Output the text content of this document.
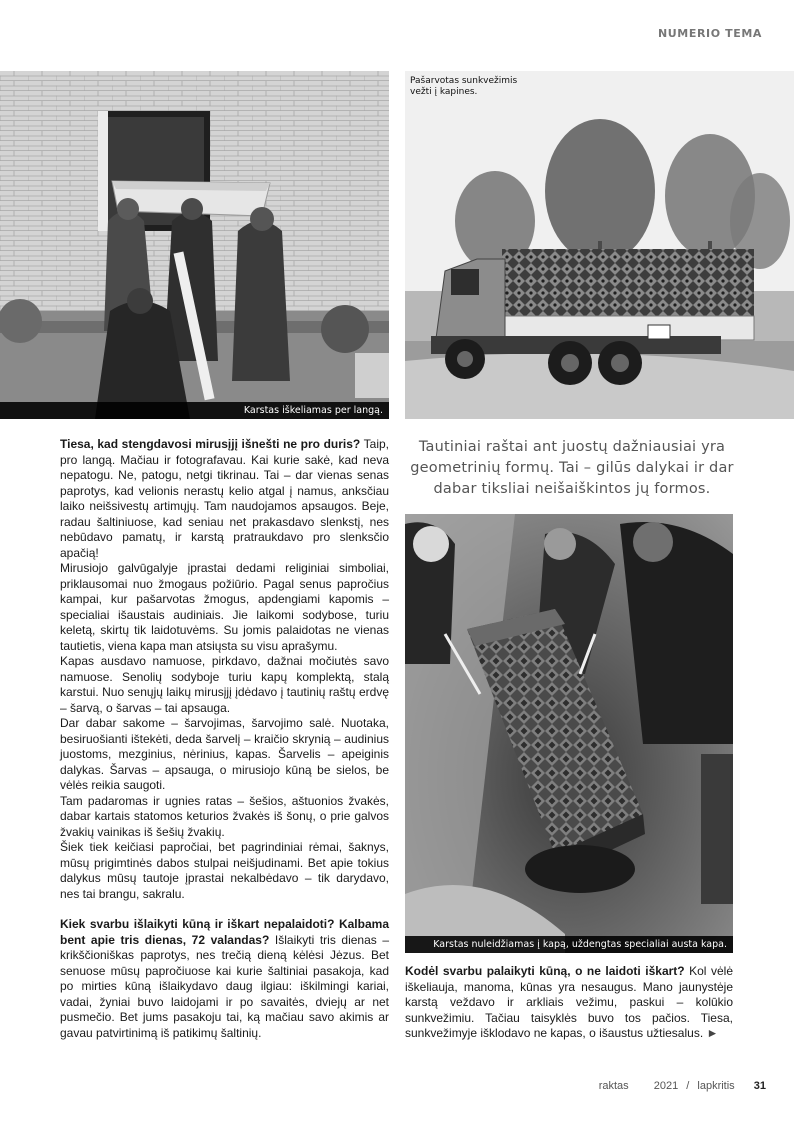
NUMERIO TEMA
Karstas iškeliamas per langą.
Pašarvotas sunkvežimis vežti į kapines.
Tautiniai raštai ant juostų dažniausiai yra geometrinių formų. Tai – gilūs dalykai ir dar dabar tiksliai neišaiškintos jų formos.
Karstas nuleidžiamas į kapą, uždengtas specialiai austa kapa.

Tiesa, kad stengdavosi mirusįjį išnešti ne pro duris? Taip, pro langą. Mačiau ir fotografavau. Kai kurie sakė, kad neva nepatogu. Ne, patogu, netgi tikrinau. Tai – dar vienas senas paprotys, kad velionis nerastų kelio atgal į namus, anksčiau laiko neišsivestų artimųjų. Tam naudojamos apsaugos. Beje, radau šaltiniuose, kad seniau net prakasdavo slenkstį, nes nebūdavo pamatų, ir karstą pratraukdavo pro slenksčio apačią!

Mirusiojo galvūgalyje įprastai dedami religiniai simboliai, priklausomai nuo žmogaus požiūrio. Pagal senus papročius kampai, kur pašarvotas žmogus, apdengiami kapomis – specialiai išaustais audiniais. Jie laikomi sodybose, turiu keletą, skirtų tik laidotuvėms. Su jomis palaidotas ne vienas tautietis, viena kapa man atsiųsta su visu aprašymu.

Kapas ausdavo namuose, pirkdavo, dažnai močiutės savo namuose. Senolių sodyboje turiu kapų komplektą, stalą karstui. Nuo senųjų laikų mirusįjį įdėdavo į tautinių raštų erdvę – šarvą, o šarvas – tai apsauga.

Dar dabar sakome – šarvojimas, šarvojimo salė. Nuotaka, besiruošianti ištekėti, deda šarvelį – kraičio skrynią – audinius juostoms, mezginius, nėrinius, kapas. Šarvelis – apeiginis dalykas. Šarvas – apsauga, o mirusiojo kūną be sielos, be vėlės reikia saugoti.

Tam padaromas ir ugnies ratas – šešios, aštuonios žvakės, dabar kartais statomos keturios žvakės iš šonų, o prie galvos žvakių vainikas iš šešių žvakių.

Šiek tiek keičiasi papročiai, bet pagrindiniai rėmai, šaknys, mūsų prigimtinės dabos stulpai neišjudinami. Bet apie tokius dalykus mūsų tautoje įprastai nekalbėdavo – tik darydavo, nes tai brangu, sakralu.

Kiek svarbu išlaikyti kūną ir iškart nepalaidoti? Kalbama bent apie tris dienas, 72 valandas? Išlaikyti tris dienas – krikščioniškas paprotys, nes trečią dieną kėlėsi Jėzus. Bet senuose mūsų papročiuose kai kurie šaltiniai pasakoja, kad po mirties kūną išlaikydavo daug ilgiau: iškilmingi kariai, vadai, žyniai buvo laidojami ir po savaitės, dviejų ar net pusmečio. Bet jums pasakoju tai, ką mačiau savo akimis ar gavau patvirtinimą iš patikimų šaltinių.

Kodėl svarbu palaikyti kūną, o ne laidoti iškart? Kol vėlė iškeliauja, manoma, kūnas yra nesaugus. Mano jaunystėje karstą veždavo ir arkliais vežimu, paskui – kolūkio sunkvežimiu. Tačiau taisyklės buvo tos pačios. Tiesa, sunkvežimyje išklodavo ne kapas, o išaustus užtiesalus. ►

raktas 2021 / lapkritis 31
